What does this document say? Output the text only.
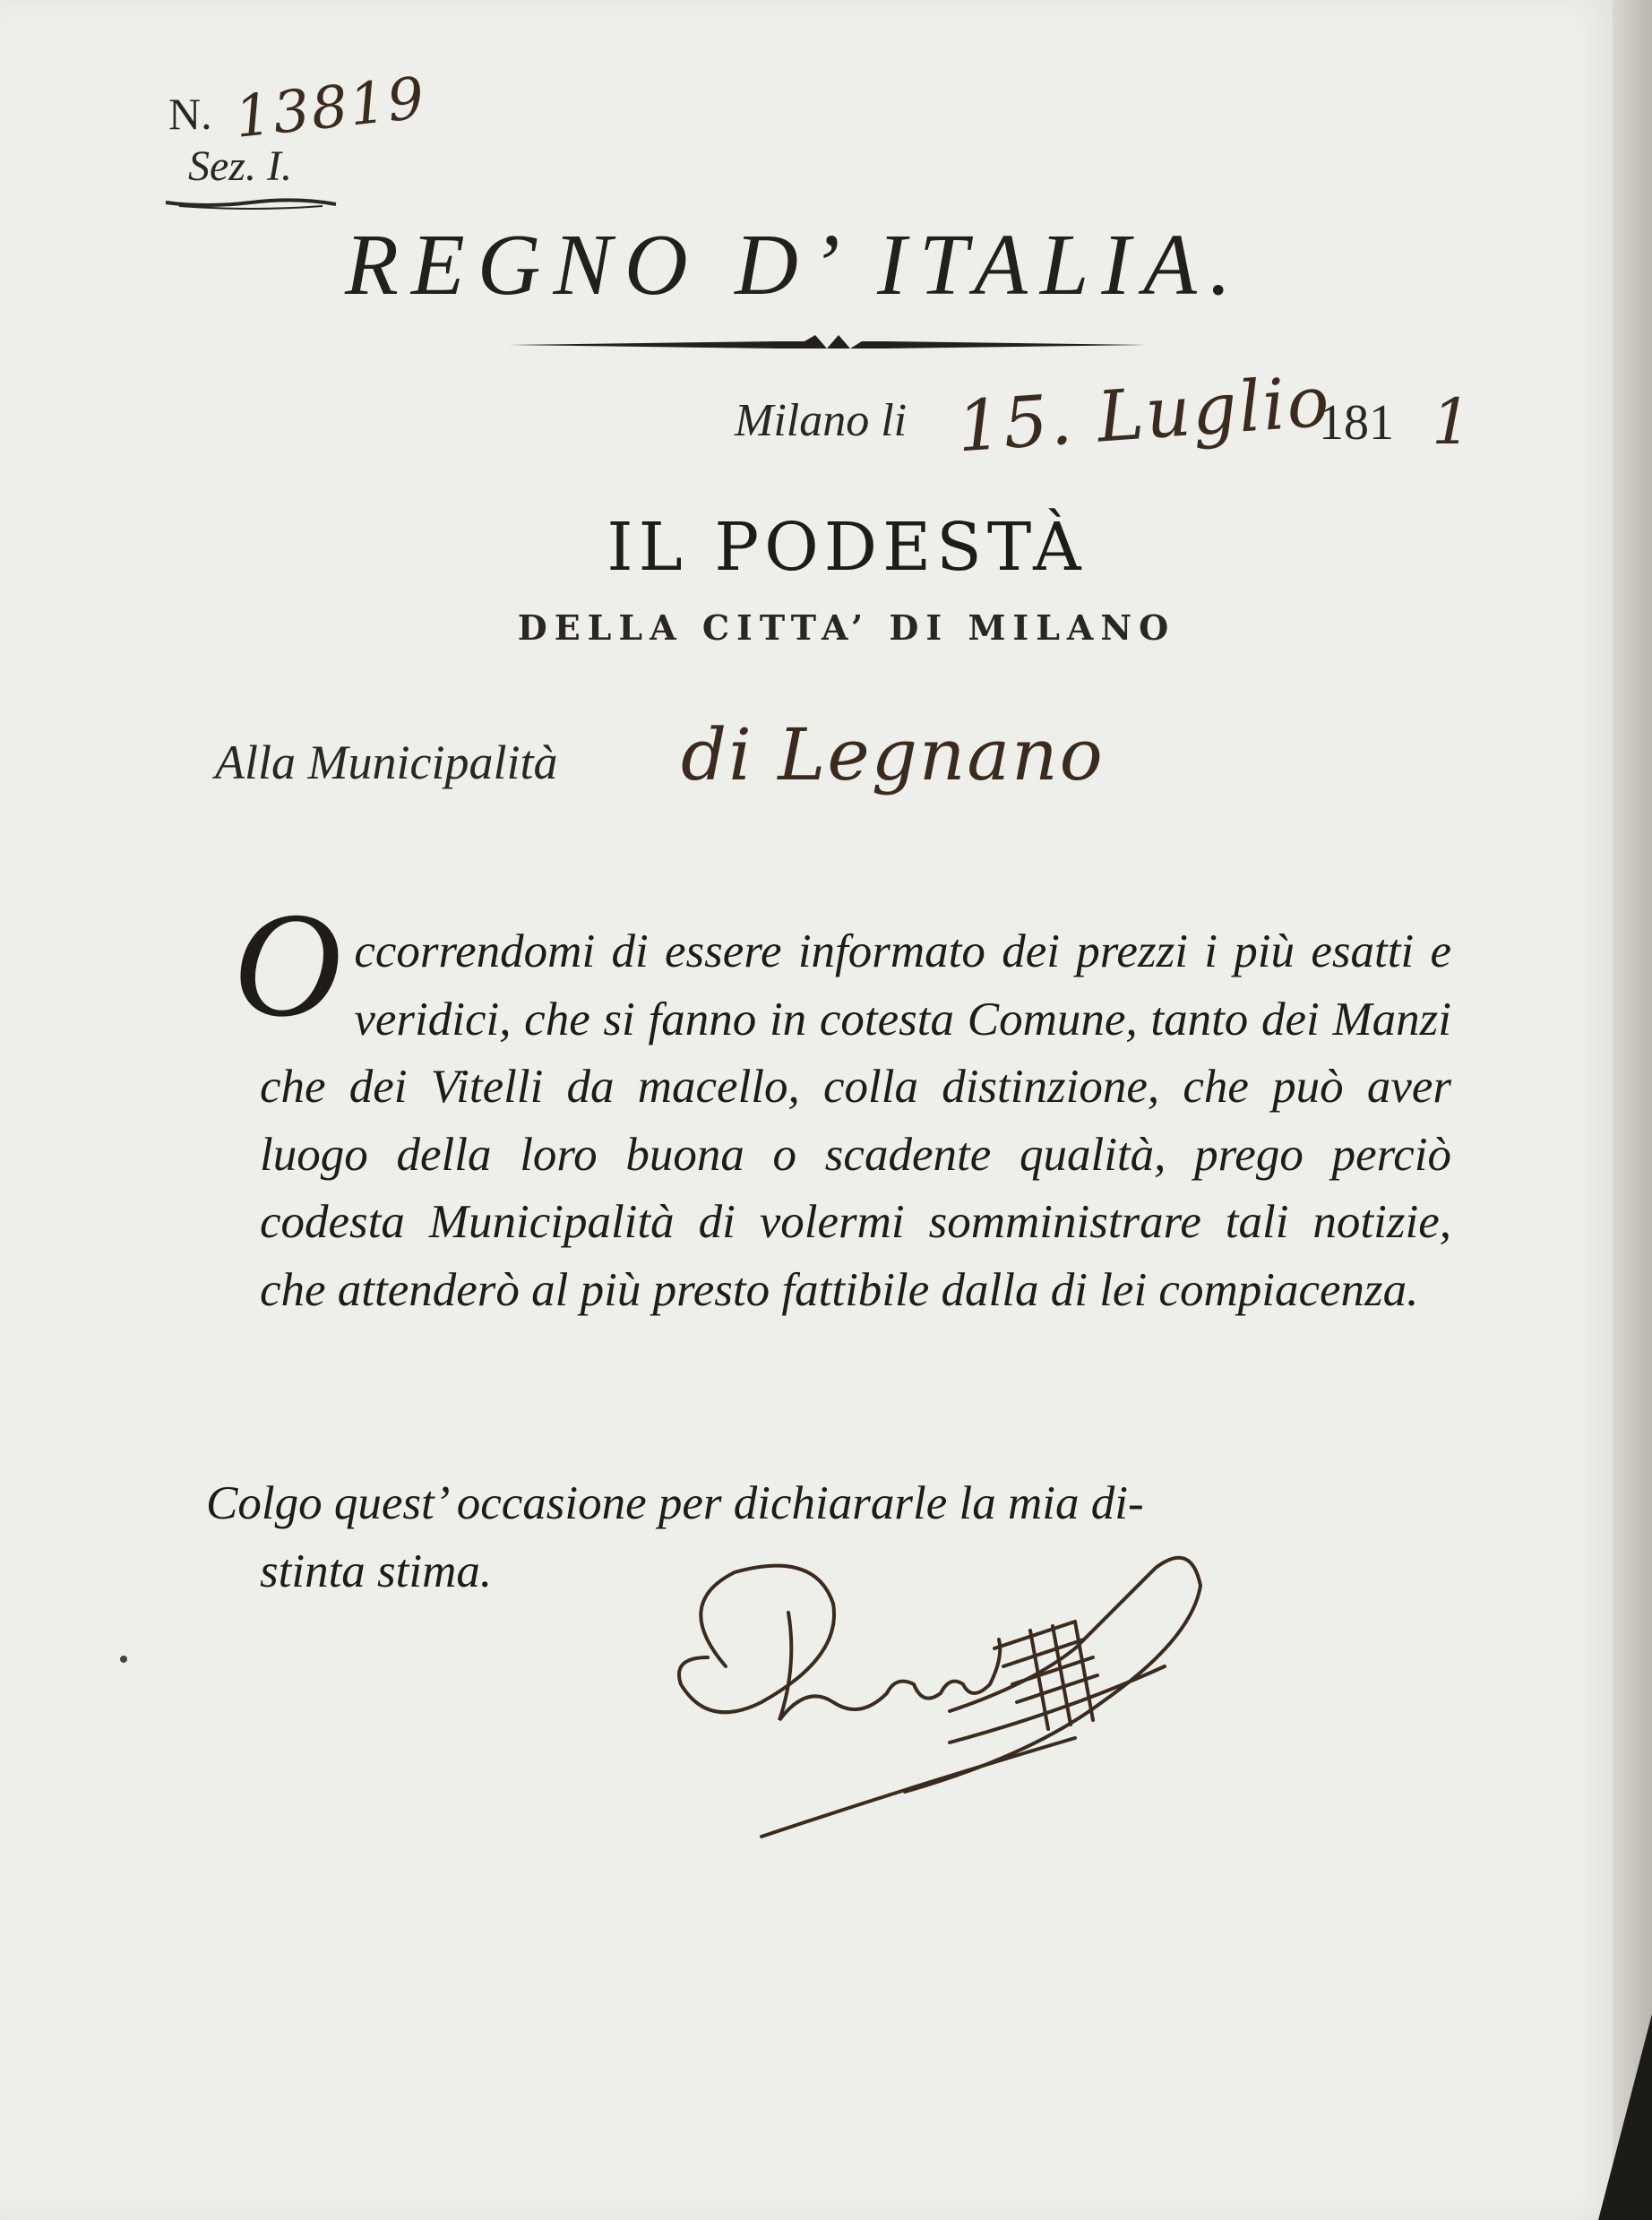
N. 13819
Sez. I.
REGNO D’ ITALIA.
Milano li 15. Luglio
181 1
IL PODESTÀ
DELLA CITTA’ DI MILANO
Alla Municipalità di Legnano
O ccorrendomi di essere informato dei prezzi i più esatti e veridici, che si fanno in cotesta Comune, tanto dei Manzi che dei Vitelli da macello, colla distinzione, che può aver luogo della loro buona o scadente qualità, prego perciò codesta Municipalità di volermi somministrare tali notizie, che attenderò al più presto fattibile dalla di lei compiacenza.
Colgo quest’ occasione per dichiararle la mia di-
stinta stima.
